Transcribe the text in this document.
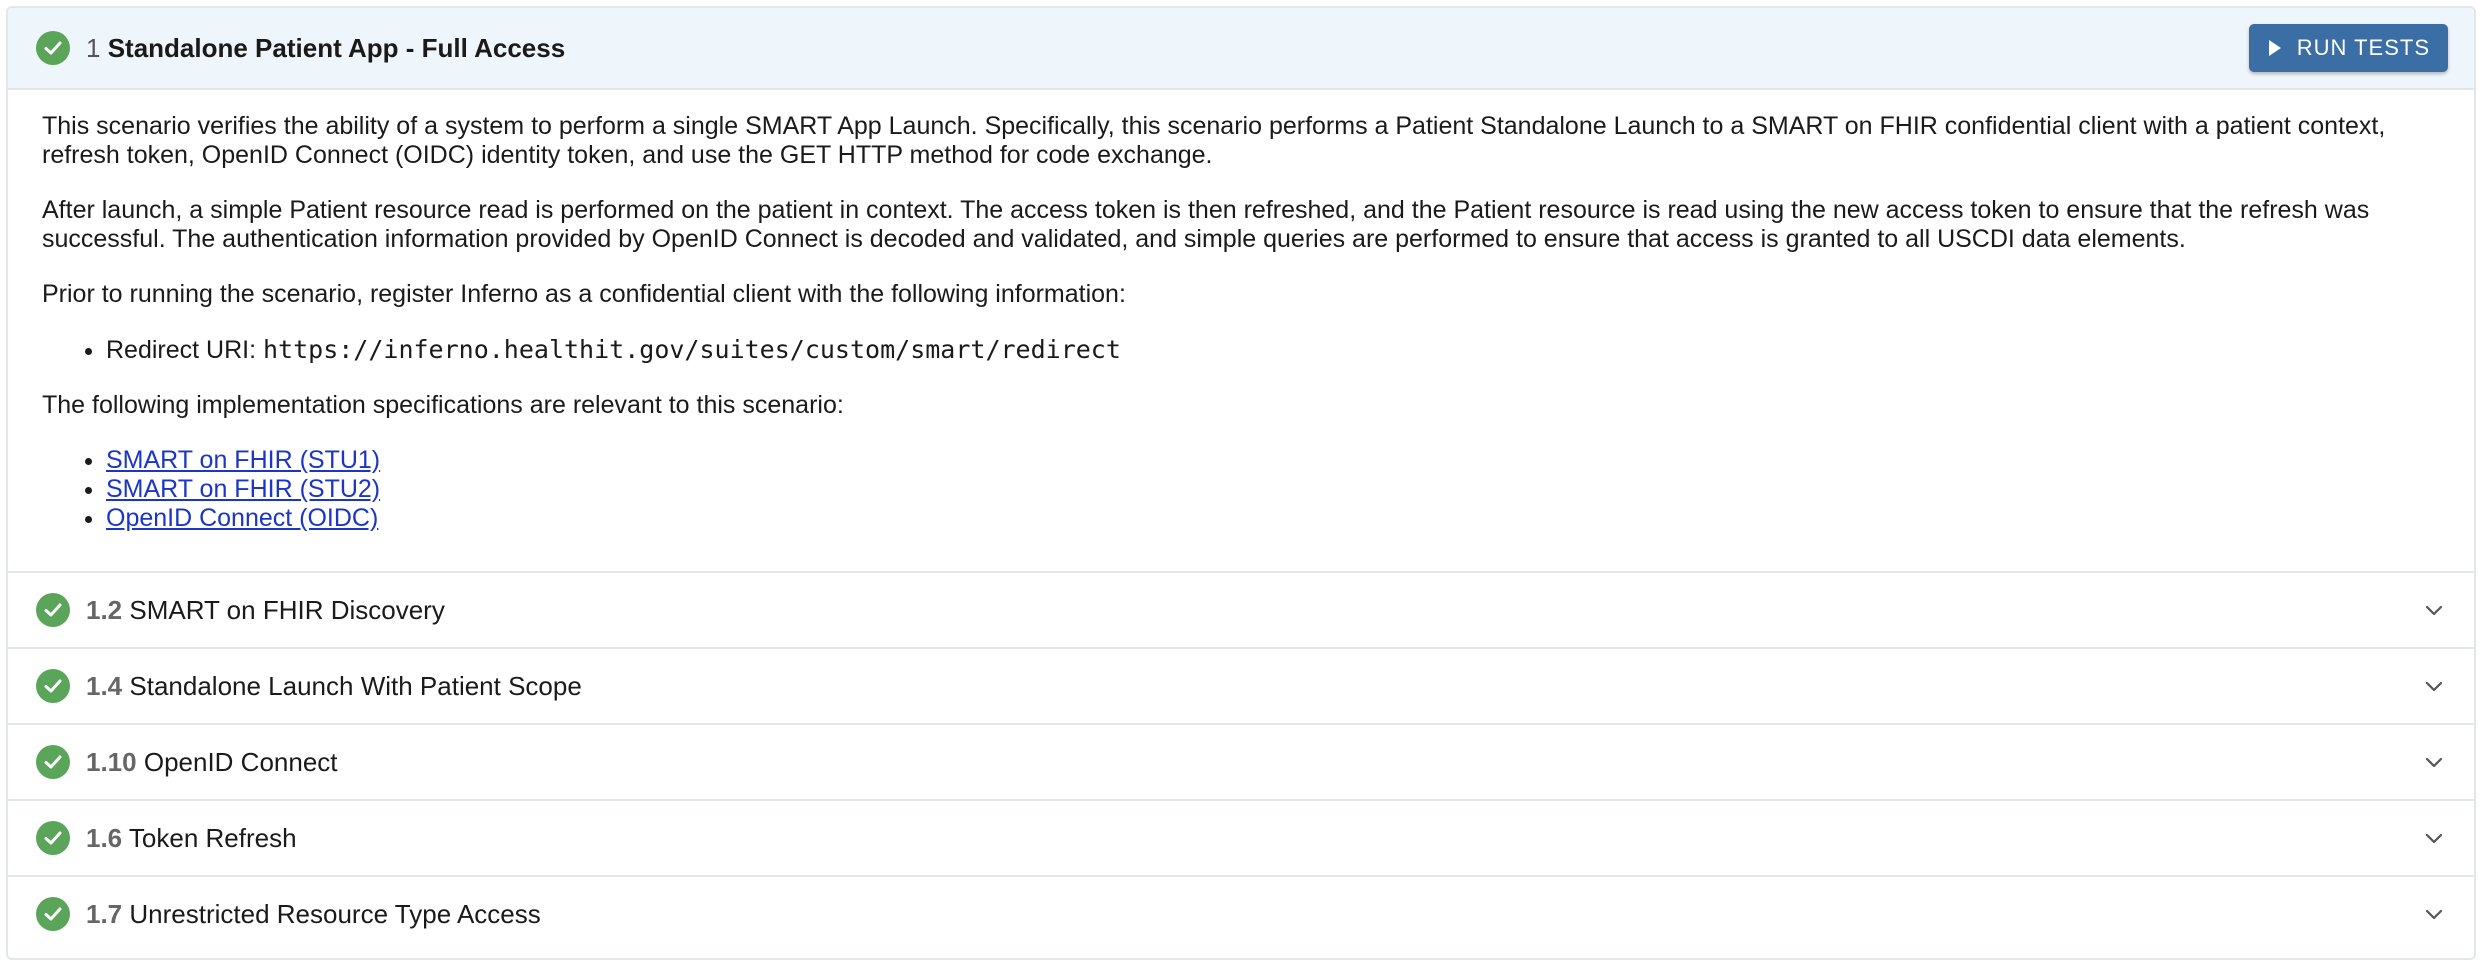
1 Standalone Patient App - Full Access	RUN TESTS

This scenario verifies the ability of a system to perform a single SMART App Launch. Specifically, this scenario performs a Patient Standalone Launch to a SMART on FHIR confidential client with a patient context, refresh token, OpenID Connect (OIDC) identity token, and use the GET HTTP method for code exchange.

After launch, a simple Patient resource read is performed on the patient in context. The access token is then refreshed, and the Patient resource is read using the new access token to ensure that the refresh was successful. The authentication information provided by OpenID Connect is decoded and validated, and simple queries are performed to ensure that access is granted to all USCDI data elements.

Prior to running the scenario, register Inferno as a confidential client with the following information:

• Redirect URI: https://inferno.healthit.gov/suites/custom/smart/redirect

The following implementation specifications are relevant to this scenario:

• SMART on FHIR (STU1)
• SMART on FHIR (STU2)
• OpenID Connect (OIDC)
1.2 SMART on FHIR Discovery
1.4 Standalone Launch With Patient Scope
1.10 OpenID Connect
1.6 Token Refresh
1.7 Unrestricted Resource Type Access
